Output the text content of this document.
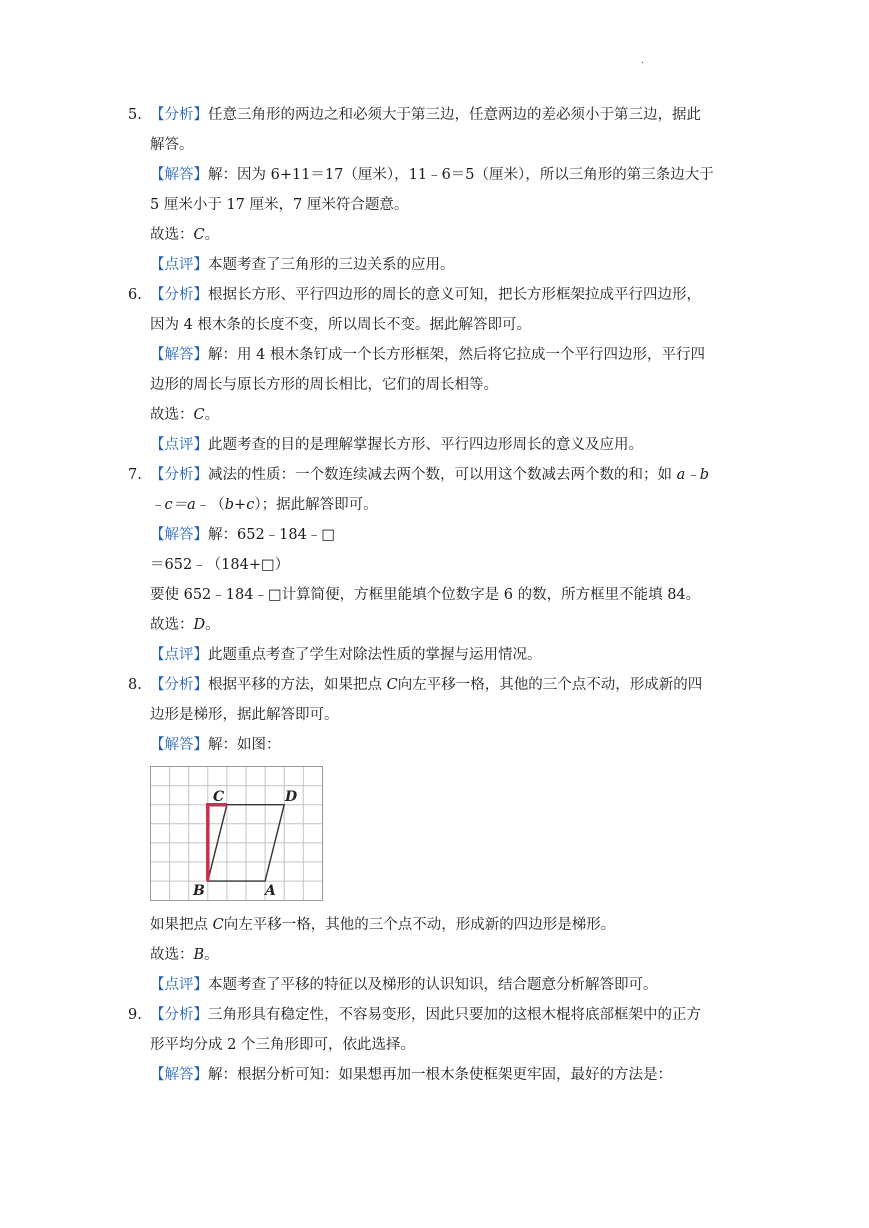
·
5. 【分析】任意三角形的两边之和必须大于第三边，任意两边的差必须小于第三边，据此
解答。
【解答】解：因为 6+11＝17（厘米），11﹣6＝5（厘米），所以三角形的第三条边大于
5 厘米小于 17 厘米，7 厘米符合题意。
故选：C。
【点评】本题考查了三角形的三边关系的应用。
6. 【分析】根据长方形、平行四边形的周长的意义可知，把长方形框架拉成平行四边形，
因为 4 根木条的长度不变，所以周长不变。据此解答即可。
【解答】解：用 4 根木条钉成一个长方形框架，然后将它拉成一个平行四边形，平行四
边形的周长与原长方形的周长相比，它们的周长相等。
故选：C。
【点评】此题考查的目的是理解掌握长方形、平行四边形周长的意义及应用。
7. 【分析】减法的性质：一个数连续减去两个数，可以用这个数减去两个数的和；如 a﹣b
﹣c＝a﹣（b+c）；据此解答即可。
【解答】解：652﹣184﹣□
＝652﹣（184+□）
要使 652﹣184﹣□计算简便，方框里能填个位数字是 6 的数，所方框里不能填 84。
故选：D。
【点评】此题重点考查了学生对除法性质的掌握与运用情况。
8. 【分析】根据平移的方法，如果把点 C向左平移一格，其他的三个点不动，形成新的四
边形是梯形，据此解答即可。
【解答】解：如图：
C	D
B	A
如果把点 C向左平移一格，其他的三个点不动，形成新的四边形是梯形。
故选：B。
【点评】本题考查了平移的特征以及梯形的认识知识，结合题意分析解答即可。
9. 【分析】三角形具有稳定性，不容易变形，因此只要加的这根木棍将底部框架中的正方
形平均分成 2 个三角形即可，依此选择。
【解答】解：根据分析可知：如果想再加一根木条使框架更牢固，最好的方法是：
